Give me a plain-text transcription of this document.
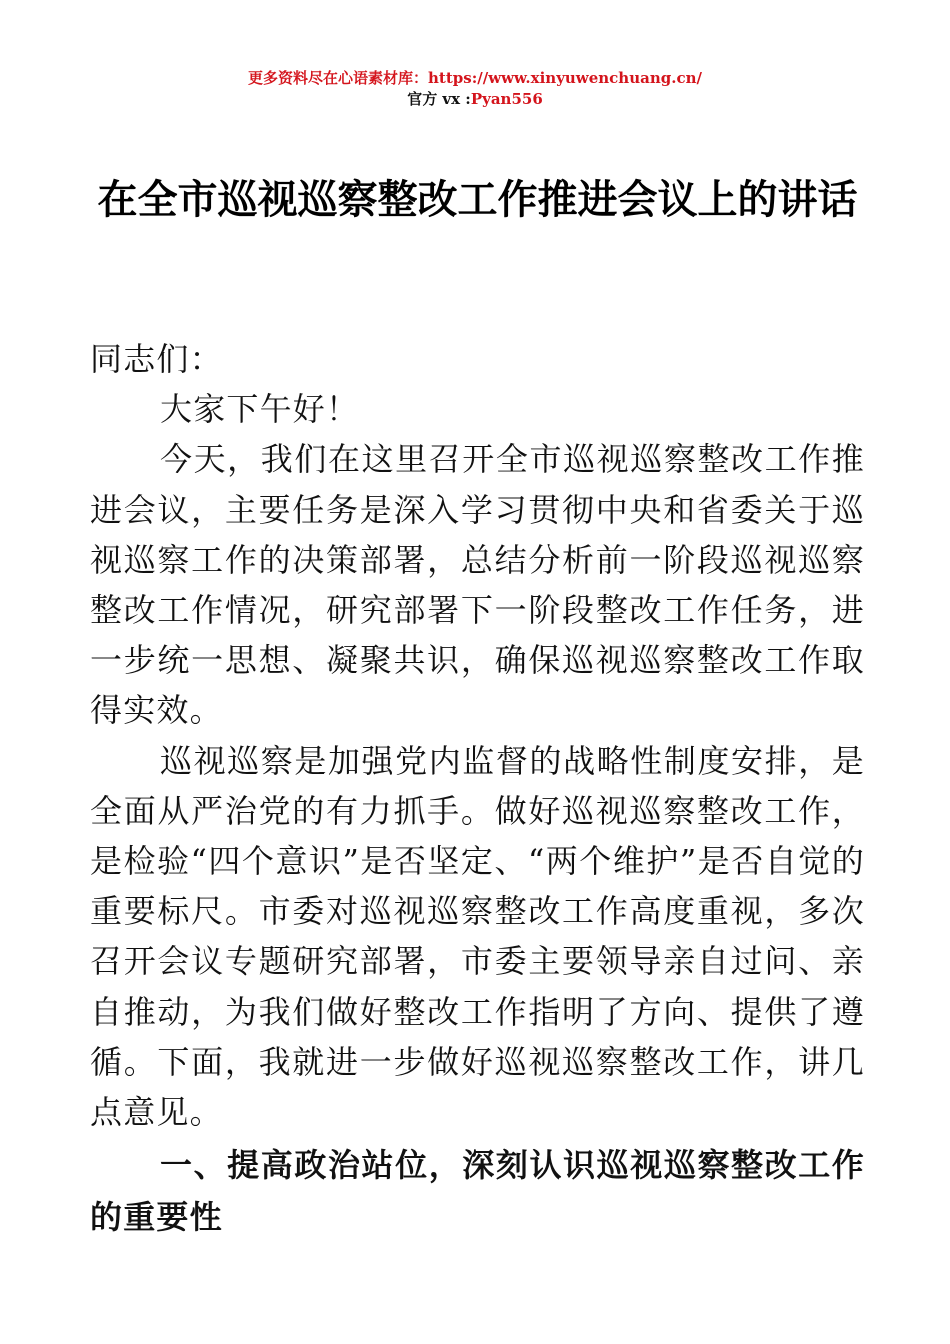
更多资料尽在心语素材库：https://www.xinyuwenchuang.cn/
官方 vx :Pyan556
在全市巡视巡察整改工作推进会议上的讲话

同志们：

大家下午好！

今天，我们在这里召开全市巡视巡察整改工作推进会议，主要任务是深入学习贯彻中央和省委关于巡视巡察工作的决策部署，总结分析前一阶段巡视巡察整改工作情况，研究部署下一阶段整改工作任务，进一步统一思想、凝聚共识，确保巡视巡察整改工作取得实效。

巡视巡察是加强党内监督的战略性制度安排，是全面从严治党的有力抓手。做好巡视巡察整改工作，是检验“四个意识”是否坚定、“两个维护”是否自觉的重要标尺。市委对巡视巡察整改工作高度重视，多次召开会议专题研究部署，市委主要领导亲自过问、亲自推动，为我们做好整改工作指明了方向、提供了遵循。下面，我就进一步做好巡视巡察整改工作，讲几点意见。

一、提高政治站位，深刻认识巡视巡察整改工作的重要性
